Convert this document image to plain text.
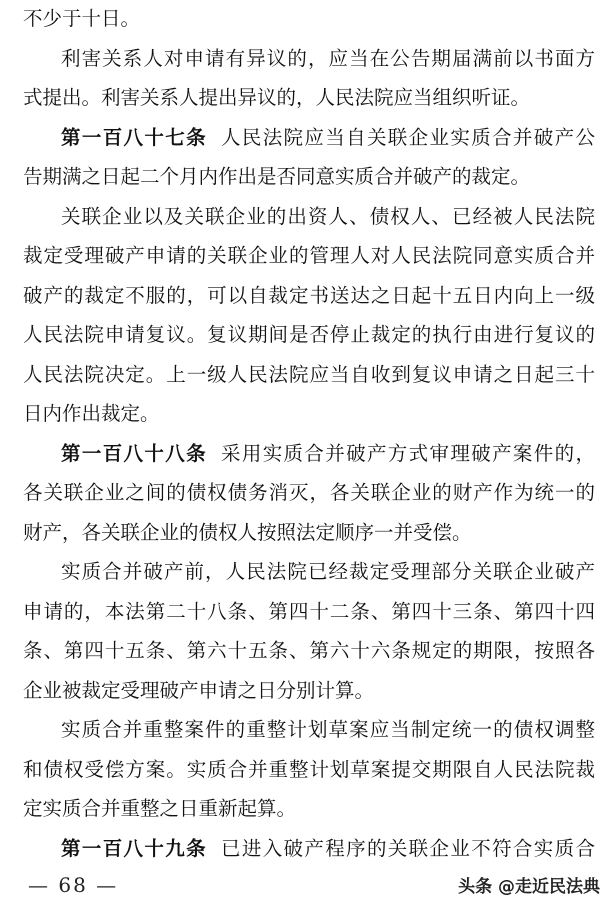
不少于十日。
利害关系人对申请有异议的，应当在公告期届满前以书面方
式提出。利害关系人提出异议的，人民法院应当组织听证。
第一百八十七条 人民法院应当自关联企业实质合并破产公
告期满之日起二个月内作出是否同意实质合并破产的裁定。
关联企业以及关联企业的出资人、债权人、已经被人民法院
裁定受理破产申请的关联企业的管理人对人民法院同意实质合并
破产的裁定不服的，可以自裁定书送达之日起十五日内向上一级
人民法院申请复议。复议期间是否停止裁定的执行由进行复议的
人民法院决定。上一级人民法院应当自收到复议申请之日起三十
日内作出裁定。
第一百八十八条 采用实质合并破产方式审理破产案件的，
各关联企业之间的债权债务消灭，各关联企业的财产作为统一的
财产，各关联企业的债权人按照法定顺序一并受偿。
实质合并破产前，人民法院已经裁定受理部分关联企业破产
申请的，本法第二十八条、第四十二条、第四十三条、第四十四
条、第四十五条、第六十五条、第六十六条规定的期限，按照各
企业被裁定受理破产申请之日分别计算。
实质合并重整案件的重整计划草案应当制定统一的债权调整
和债权受偿方案。实质合并重整计划草案提交期限自人民法院裁
定实质合并重整之日重新起算。
第一百八十九条 已进入破产程序的关联企业不符合实质合
— 68 —	头条 @走近民法典
